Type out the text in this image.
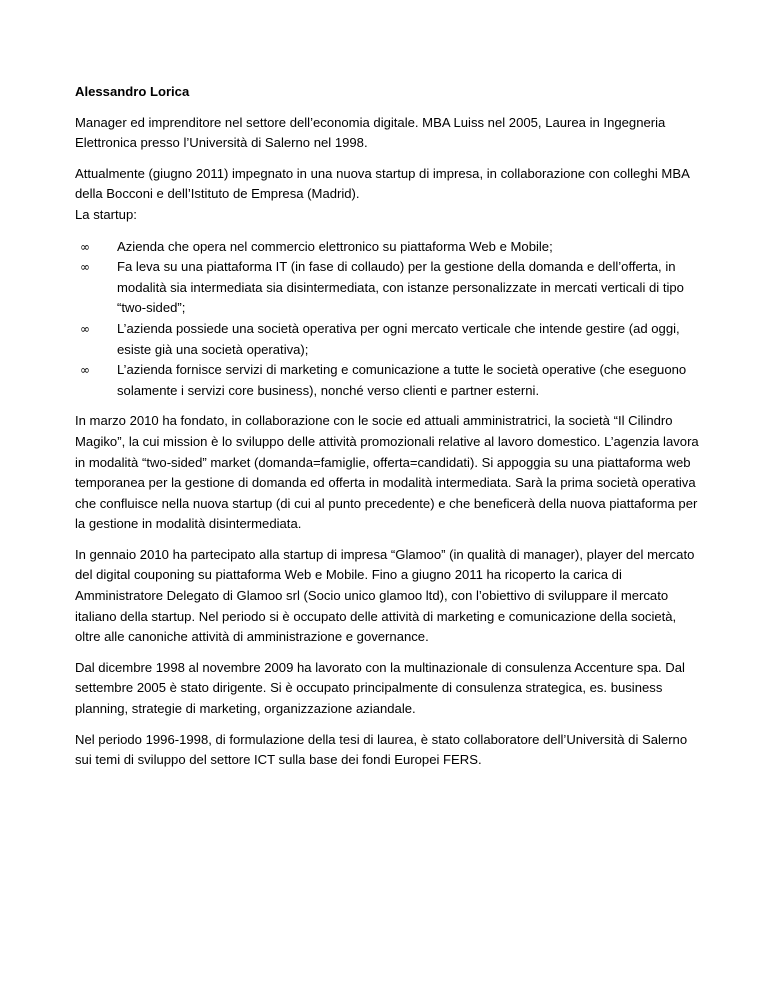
Alessandro Lorica

Manager ed imprenditore nel settore dell’economia digitale. MBA Luiss nel 2005, Laurea in Ingegneria Elettronica presso l’Università di Salerno nel 1998.

Attualmente (giugno 2011) impegnato in una nuova startup di impresa, in collaborazione con colleghi MBA della Bocconi e dell’Istituto de Empresa (Madrid).

La startup:

∞ Azienda che opera nel commercio elettronico su piattaforma Web e Mobile;
∞ Fa leva su una piattaforma IT (in fase di collaudo) per la gestione della domanda e dell’offerta, in modalità sia intermediata sia disintermediata, con istanze personalizzate in mercati verticali di tipo “two-sided”;
∞ L’azienda possiede una società operativa per ogni mercato verticale che intende gestire (ad oggi, esiste già una società operativa);
∞ L’azienda fornisce servizi di marketing e comunicazione a tutte le società operative (che eseguono solamente i servizi core business), nonché verso clienti e partner esterni.

In marzo 2010 ha fondato, in collaborazione con le socie ed attuali amministratrici, la società “Il Cilindro Magiko”, la cui mission è lo sviluppo delle attività promozionali relative al lavoro domestico. L’agenzia lavora in modalità “two-sided” market (domanda=famiglie, offerta=candidati). Si appoggia su una piattaforma web temporanea per la gestione di domanda ed offerta in modalità intermediata. Sarà la prima società operativa che confluisce nella nuova startup (di cui al punto precedente) e che beneficerà della nuova piattaforma per la gestione in modalità disintermediata.

In gennaio 2010 ha partecipato alla startup di impresa “Glamoo” (in qualità di manager), player del mercato del digital couponing su piattaforma Web e Mobile. Fino a giugno 2011 ha ricoperto la carica di Amministratore Delegato di Glamoo srl (Socio unico glamoo ltd), con l’obiettivo di sviluppare il mercato italiano della startup. Nel periodo si è occupato delle attività di marketing e comunicazione della società, oltre alle canoniche attività di amministrazione e governance.

Dal dicembre 1998 al novembre 2009 ha lavorato con la multinazionale di consulenza Accenture spa. Dal settembre 2005 è stato dirigente. Si è occupato principalmente di consulenza strategica, es. business planning, strategie di marketing, organizzazione aziandale.

Nel periodo 1996-1998, di formulazione della tesi di laurea, è stato collaboratore dell’Università di Salerno sui temi di sviluppo del settore ICT sulla base dei fondi Europei FERS.
